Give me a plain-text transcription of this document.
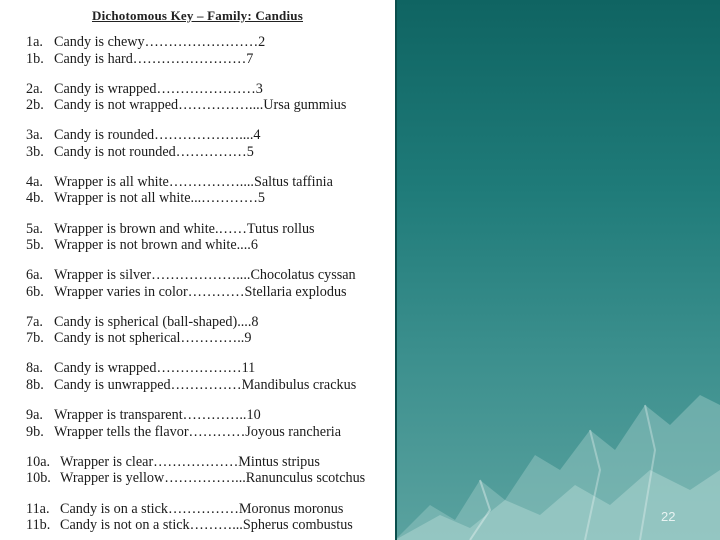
Dichotomous Key – Family: Candius
1a. Candy is chewy……………………2
1b. Candy is hard……………………7
2a. Candy is wrapped…………………3
2b. Candy is not wrapped……………....Ursa gummius
3a. Candy is rounded………………....4
3b. Candy is not rounded……………5
4a. Wrapper is all white……………....Saltus taffinia
4b. Wrapper is not all white...…………5
5a. Wrapper is brown and white.……Tutus rollus
5b. Wrapper is not brown and white....6
6a. Wrapper is silver………………....Chocolatus cyssan
6b. Wrapper varies in color…………Stellaria explodus
7a. Candy is spherical (ball-shaped)....8
7b. Candy is not spherical…………..9
8a. Candy is wrapped………………11
8b. Candy is unwrapped……………Mandibulus crackus
9a. Wrapper is transparent…………..10
9b. Wrapper tells the flavor…………Joyous rancheria
10a. Wrapper is clear………………Mintus stripus
10b. Wrapper is yellow……………...Ranunculus scotchus
11a. Candy is on a stick……………Moronus moronus
11b. Candy is not on a stick………...Spherus combustus
22
